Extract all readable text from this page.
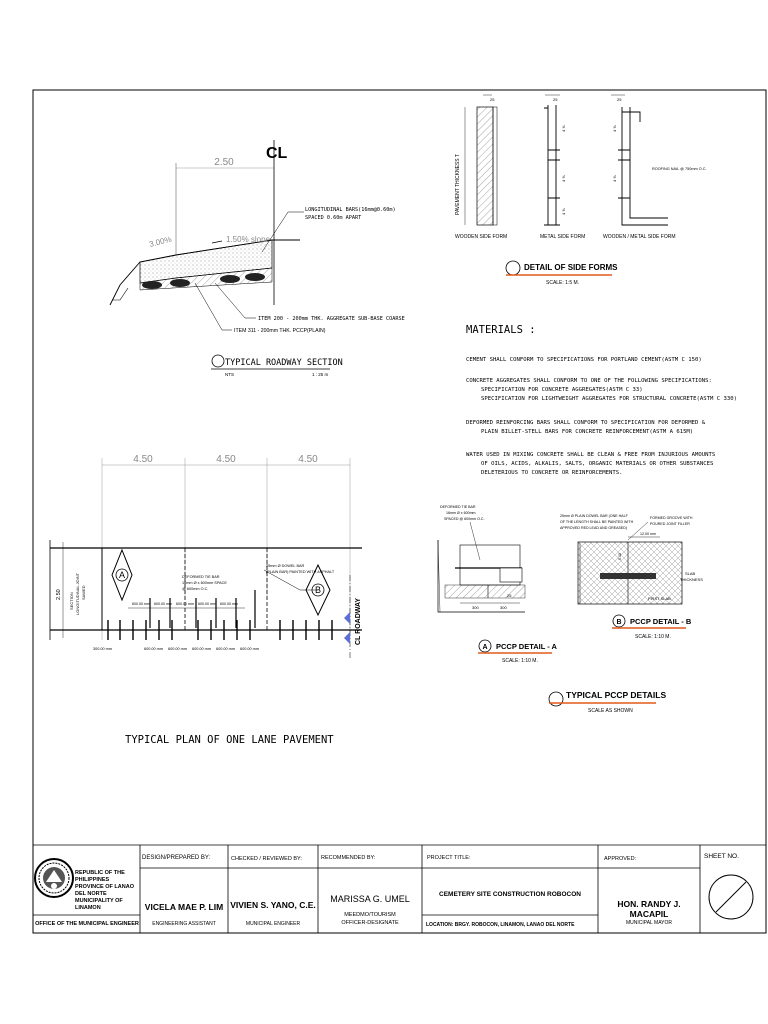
2.50
CL
3.00%	1.50% slope
LONGITUDINAL BARS(16mm@0.60m)
SPACED 0.60m APART
ITEM 200 - 200mm THK. AGGREGATE SUB-BASE COARSE
ITEM 311 - 200mm THK. PCCP(PLAIN)
TYPICAL ROADWAY SECTION
NTS	1 : 25 m
25
PAVEMENT THICKNESS T
WOODEN SIDE FORM
25
4 ⅜
4 ⅜
4 ⅜
METAL SIDE FORM
25
4 ⅜
4 ⅜
ROOFING NAIL @ 750mm O.C.
WOODEN / METAL SIDE FORM
DETAIL OF SIDE FORMS
SCALE: 1:5 M.
MATERIALS :
CEMENT SHALL CONFORM TO SPECIFICATIONS FOR PORTLAND CEMENT(ASTM C 150)
CONCRETE AGGREGATES SHALL CONFORM TO ONE OF THE FOLLOWING SPECIFICATIONS:
SPECIFICATION FOR CONCRETE AGGREGATES(ASTM C 33)
SPECIFICATION FOR LIGHTWEIGHT AGGREGATES FOR STRUCTURAL CONCRETE(ASTM C 330)
DEFORMED REINFORCING BARS SHALL CONFORM TO SPECIFICATION FOR DEFORMED &
PLAIN BILLET-STELL BARS FOR CONCRETE REINFORCEMENT(ASTM A 615M)
WATER USED IN MIXING CONCRETE SHALL BE CLEAN & FREE FROM INJURIOUS AMOUNTS
OF OILS, ACIDS, ALKALIS, SALTS, ORGANIC MATERIALS OR OTHER SUBSTANCES
DELETERIOUS TO CONCRETE OR REINFORCEMENTS.
4.50	4.50	4.50
2.50 SECTION LONGITUDINAL JOINT SAWED
600.00 mm 600.00 mm 600.00 mm 600.00 mm 600.00 mm
300.00 mm	600.00 mm 600.00 mm 600.00 mm 600.00 mm 600.00 mm
A
B
DEFORMED TIE BAR
16mm Ø x 600mm SPACE
@ 600mm O.C.
25mm Ø DOWEL BAR
(PLAIN BAR) PAINTED WITH ASPHALT
CL ROADWAY
TYPICAL PLAN OF ONE LANE PAVEMENT
DEFORMED TIE BAR
16mm Ø x 600mm
SPACED @ 600mm O.C.
25
300	300
A PCCP DETAIL - A
SCALE: 1:10 M.
25mm Ø PLAIN DOWEL BAR (ONE HALF
OF THE LENGTH SHALL BE PAINTED WITH
APPROVED RED LEAD AND GREASED)
FORMED GROOVE WITH
POURED JOINT FILLER
12.00 mm
0.10
SLAB
THICKNESS
FIRST SLAB
B PCCP DETAIL - B
SCALE: 1:10 M.
TYPICAL PCCP DETAILS
SCALE AS SHOWN
REPUBLIC OF THE PHILIPPINES
PROVINCE OF LANAO DEL NORTE
MUNICIPALITY OF LINAMON
OFFICE OF THE MUNICIPAL ENGINEER
DESIGN/PREPARED BY:
VICELA MAE P. LIM
ENGINEERING ASSISTANT
CHECKED / REVIEWED BY:
VIVIEN S. YANO, C.E.
MUNICIPAL ENGINEER
RECOMMENDED BY:
MARISSA G. UMEL
MEEDMO/TOURISM
OFFICER-DESIGNATE
PROJECT TITLE:
CEMETERY SITE CONSTRUCTION ROBOCON
LOCATION: BRGY. ROBOCON, LINAMON, LANAO DEL NORTE
APPROVED:
HON. RANDY J. MACAPIL
MUNICIPAL MAYOR
SHEET NO.
